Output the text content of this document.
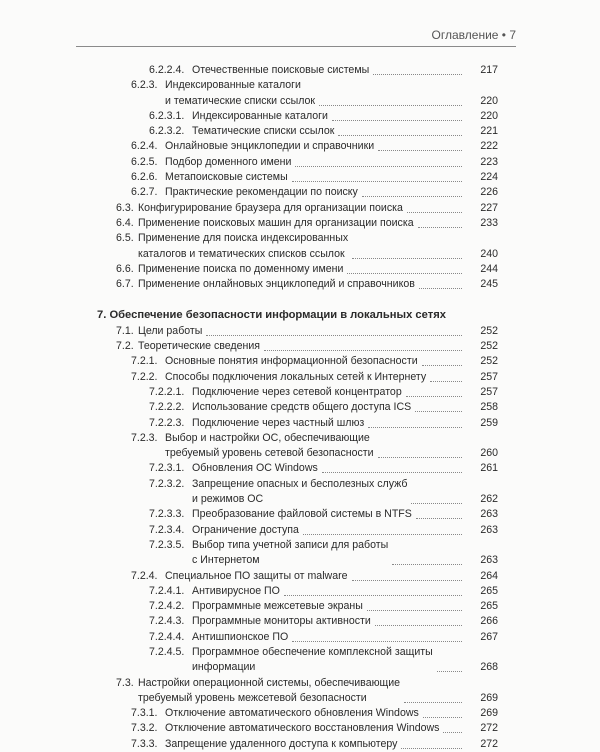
Оглавление • 7
6.2.2.4. Отечественные поисковые системы	217
6.2.3. Индексированные каталоги
и тематические списки ссылок	220
6.2.3.1. Индексированные каталоги	220
6.2.3.2. Тематические списки ссылок	221
6.2.4. Онлайновые энциклопедии и справочники	222
6.2.5. Подбор доменного имени	223
6.2.6. Метапоисковые системы	224
6.2.7. Практические рекомендации по поиску	226
6.3. Конфигурирование браузера для организации поиска	227
6.4. Применение поисковых машин для организации поиска	233
6.5. Применение для поиска индексированных
каталогов и тематических списков ссылок	240
6.6. Применение поиска по доменному имени	244
6.7. Применение онлайновых энциклопедий и справочников	245
7. Обеспечение безопасности информации в локальных сетях
7.1. Цели работы	252
7.2. Теоретические сведения	252
7.2.1. Основные понятия информационной безопасности	252
7.2.2. Способы подключения локальных сетей к Интернету	257
7.2.2.1. Подключение через сетевой концентратор	257
7.2.2.2. Использование средств общего доступа ICS	258
7.2.2.3. Подключение через частный шлюз	259
7.2.3. Выбор и настройки ОС, обеспечивающие
требуемый уровень сетевой безопасности	260
7.2.3.1. Обновления ОС Windows	261
7.2.3.2. Запрещение опасных и бесполезных служб
и режимов ОС	262
7.2.3.3. Преобразование файловой системы в NTFS	263
7.2.3.4. Ограничение доступа	263
7.2.3.5. Выбор типа учетной записи для работы
с Интернетом	263
7.2.4. Специальное ПО защиты от malware	264
7.2.4.1. Антивирусное ПО	265
7.2.4.2. Программные межсетевые экраны	265
7.2.4.3. Программные мониторы активности	266
7.2.4.4. Антишпионское ПО	267
7.2.4.5. Программное обеспечение комплексной защиты
информации	268
7.3. Настройки операционной системы, обеспечивающие
требуемый уровень межсетевой безопасности	269
7.3.1. Отключение автоматического обновления Windows	269
7.3.2. Отключение автоматического восстановления Windows	272
7.3.3. Запрещение удаленного доступа к компьютеру	272
